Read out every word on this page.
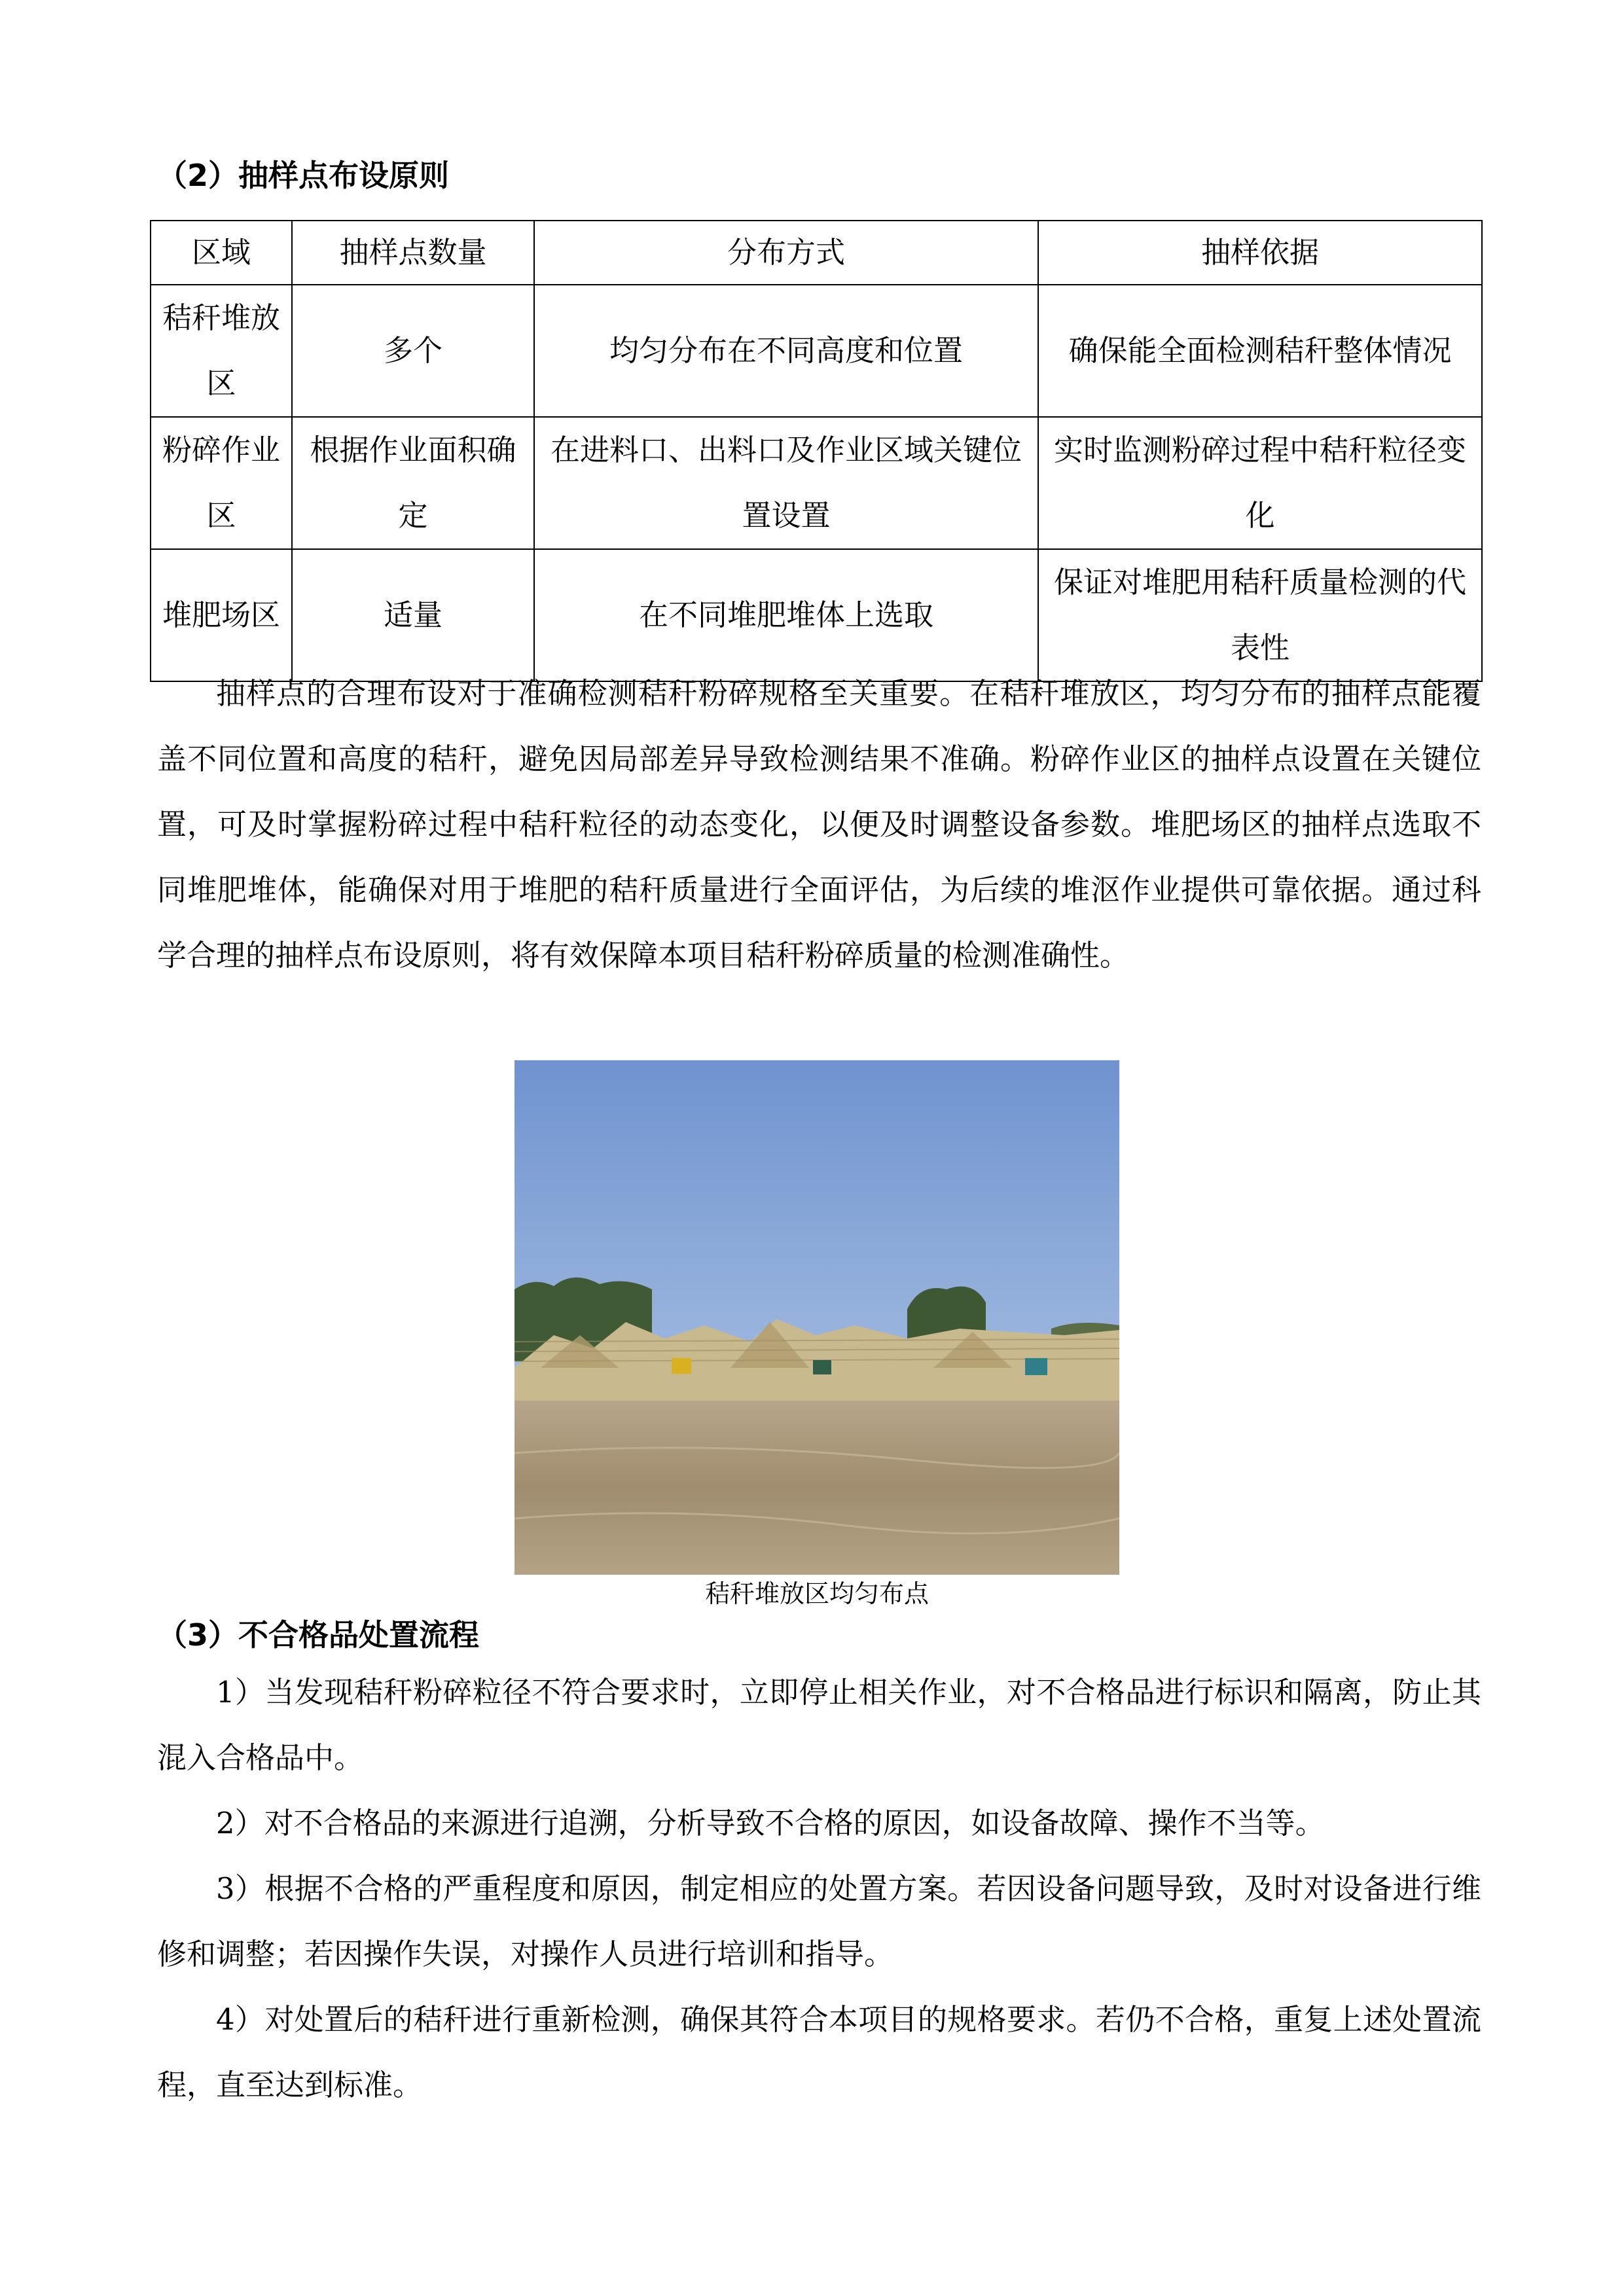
（2）抽样点布设原则
区域	抽样点数量	分布方式	抽样依据
秸秆堆放区	多个	均匀分布在不同高度和位置	确保能全面检测秸秆整体情况
粉碎作业区	根据作业面积确定	在进料口、出料口及作业区域关键位置设置	实时监测粉碎过程中秸秆粒径变化
堆肥场区	适量	在不同堆肥堆体上选取	保证对堆肥用秸秆质量检测的代表性

抽样点的合理布设对于准确检测秸秆粉碎规格至关重要。在秸秆堆放区，均匀分布的抽样点能覆盖不同位置和高度的秸秆，避免因局部差异导致检测结果不准确。粉碎作业区的抽样点设置在关键位置，可及时掌握粉碎过程中秸秆粒径的动态变化，以便及时调整设备参数。堆肥场区的抽样点选取不同堆肥堆体，能确保对用于堆肥的秸秆质量进行全面评估，为后续的堆沤作业提供可靠依据。通过科学合理的抽样点布设原则，将有效保障本项目秸秆粉碎质量的检测准确性。

秸秆堆放区均匀布点
（3）不合格品处置流程

1）当发现秸秆粉碎粒径不符合要求时，立即停止相关作业，对不合格品进行标识和隔离，防止其混入合格品中。

2）对不合格品的来源进行追溯，分析导致不合格的原因，如设备故障、操作不当等。

3）根据不合格的严重程度和原因，制定相应的处置方案。若因设备问题导致，及时对设备进行维修和调整；若因操作失误，对操作人员进行培训和指导。

4）对处置后的秸秆进行重新检测，确保其符合本项目的规格要求。若仍不合格，重复上述处置流程，直至达到标准。
